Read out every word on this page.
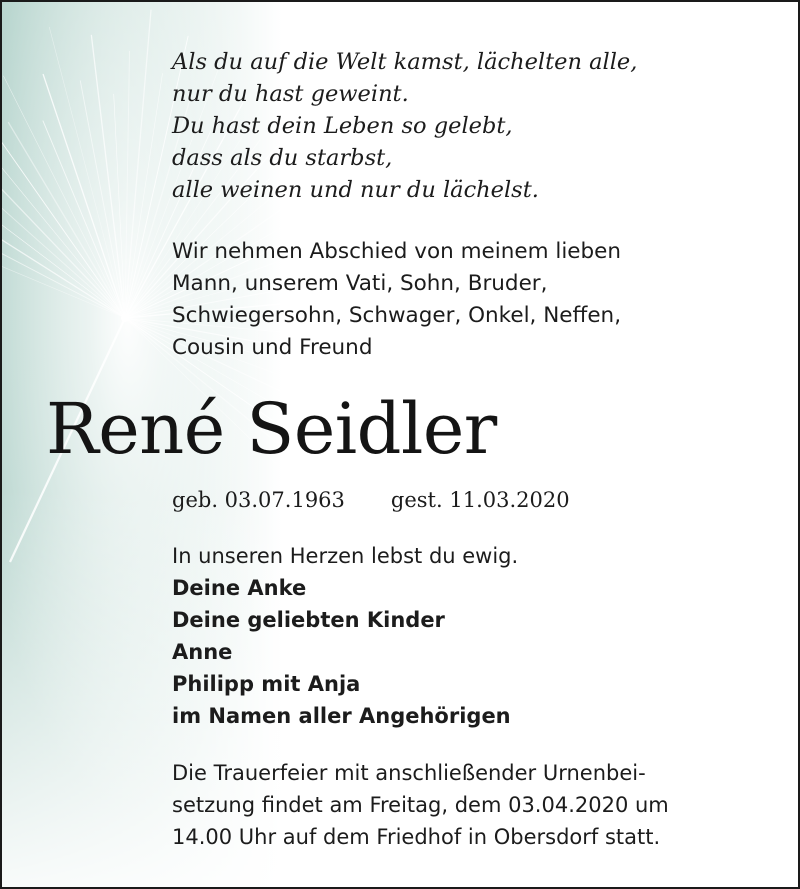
Als du auf die Welt kamst, lächelten alle,
nur du hast geweint.
Du hast dein Leben so gelebt,
dass als du starbst,
alle weinen und nur du lächelst.
Wir nehmen Abschied von meinem lieben
Mann, unserem Vati, Sohn, Bruder,
Schwiegersohn, Schwager, Onkel, Neffen,
Cousin und Freund
René Seidler
geb. 03.07.1963 gest. 11.03.2020
In unseren Herzen lebst du ewig.
Deine Anke
Deine geliebten Kinder
Anne
Philipp mit Anja
im Namen aller Angehörigen
Die Trauerfeier mit anschließender Urnenbei-
setzung findet am Freitag, dem 03.04.2020 um
14.00 Uhr auf dem Friedhof in Obersdorf statt.
